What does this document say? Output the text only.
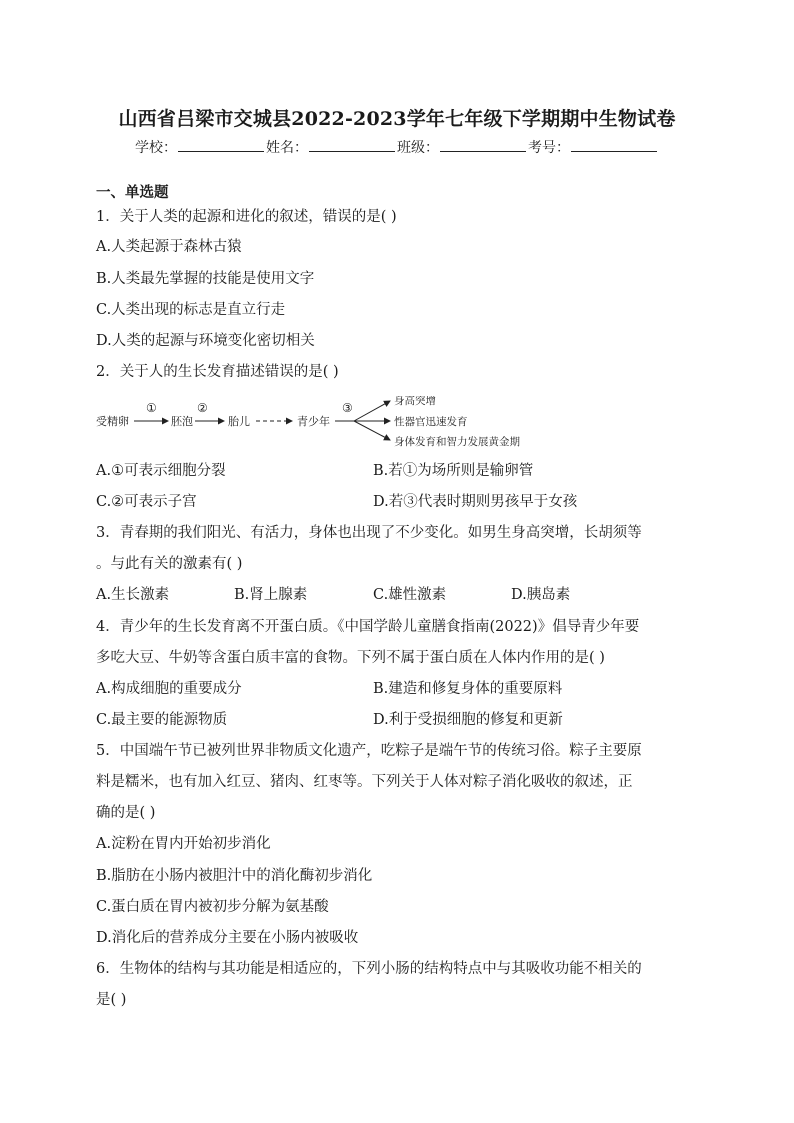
山西省吕梁市交城县2022-2023学年七年级下学期期中生物试卷
学校：	姓名：	班级：	考号：
一、单选题
1．关于人类的起源和进化的叙述，错误的是( )
A.人类起源于森林古猿
B.人类最先掌握的技能是使用文字
C.人类出现的标志是直立行走
D.人类的起源与环境变化密切相关
2．关于人的生长发育描述错误的是( )
受精卵
①
胚泡
②
胎儿	青少年
③	身高突增
性器官迅速发育
身体发育和智力发展黄金期
A.①可表示细胞分裂	B.若①为场所则是输卵管
C.②可表示子宫	D.若③代表时期则男孩早于女孩
3．青春期的我们阳光、有活力，身体也出现了不少变化。如男生身高突增，长胡须等
。与此有关的激素有( )
A.生长激素	B.肾上腺素	C.雄性激素	D.胰岛素
4．青少年的生长发育离不开蛋白质。《中国学龄儿童膳食指南(2022)》倡导青少年要
多吃大豆、牛奶等含蛋白质丰富的食物。下列不属于蛋白质在人体内作用的是( )
A.构成细胞的重要成分	B.建造和修复身体的重要原料
C.最主要的能源物质	D.利于受损细胞的修复和更新
5．中国端午节已被列世界非物质文化遗产，吃粽子是端午节的传统习俗。粽子主要原
料是糯米，也有加入红豆、猪肉、红枣等。下列关于人体对粽子消化吸收的叙述，正
确的是( )
A.淀粉在胃内开始初步消化
B.脂肪在小肠内被胆汁中的消化酶初步消化
C.蛋白质在胃内被初步分解为氨基酸
D.消化后的营养成分主要在小肠内被吸收
6．生物体的结构与其功能是相适应的，下列小肠的结构特点中与其吸收功能不相关的
是( )
